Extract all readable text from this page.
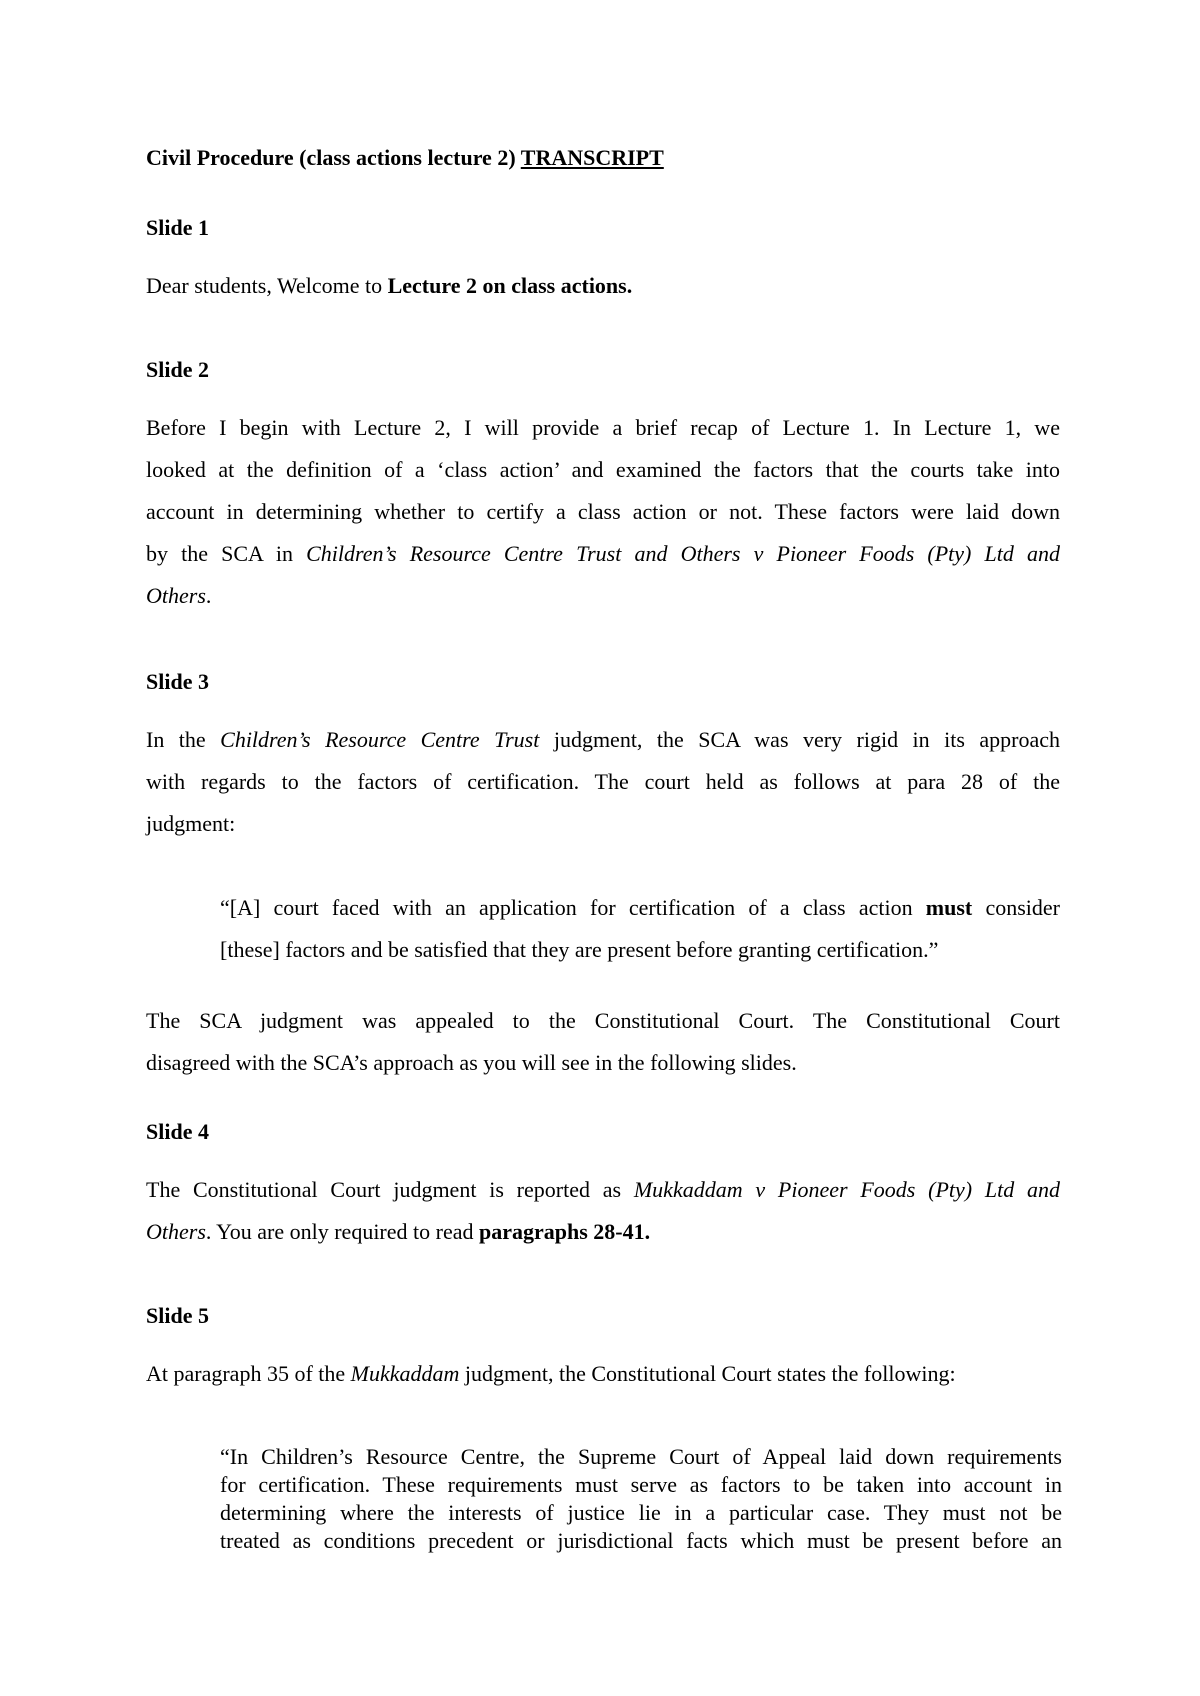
Civil Procedure (class actions lecture 2) TRANSCRIPT
Slide 1
Dear students, Welcome to Lecture 2 on class actions.
Slide 2
Before I begin with Lecture 2, I will provide a brief recap of Lecture 1. In Lecture 1, we
looked at the definition of a ‘class action’ and examined the factors that the courts take into
account in determining whether to certify a class action or not. These factors were laid down
by the SCA in Children’s Resource Centre Trust and Others v Pioneer Foods (Pty) Ltd and
Others.
Slide 3
In the Children’s Resource Centre Trust judgment, the SCA was very rigid in its approach
with regards to the factors of certification. The court held as follows at para 28 of the
judgment:
“[A] court faced with an application for certification of a class action must consider
[these] factors and be satisfied that they are present before granting certification.”
The SCA judgment was appealed to the Constitutional Court. The Constitutional Court
disagreed with the SCA’s approach as you will see in the following slides.
Slide 4
The Constitutional Court judgment is reported as Mukkaddam v Pioneer Foods (Pty) Ltd and
Others. You are only required to read paragraphs 28-41.
Slide 5
At paragraph 35 of the Mukkaddam judgment, the Constitutional Court states the following:
“In Children’s Resource Centre, the Supreme Court of Appeal laid down requirements
for certification. These requirements must serve as factors to be taken into account in
determining where the interests of justice lie in a particular case. They must not be
treated as conditions precedent or jurisdictional facts which must be present before an
